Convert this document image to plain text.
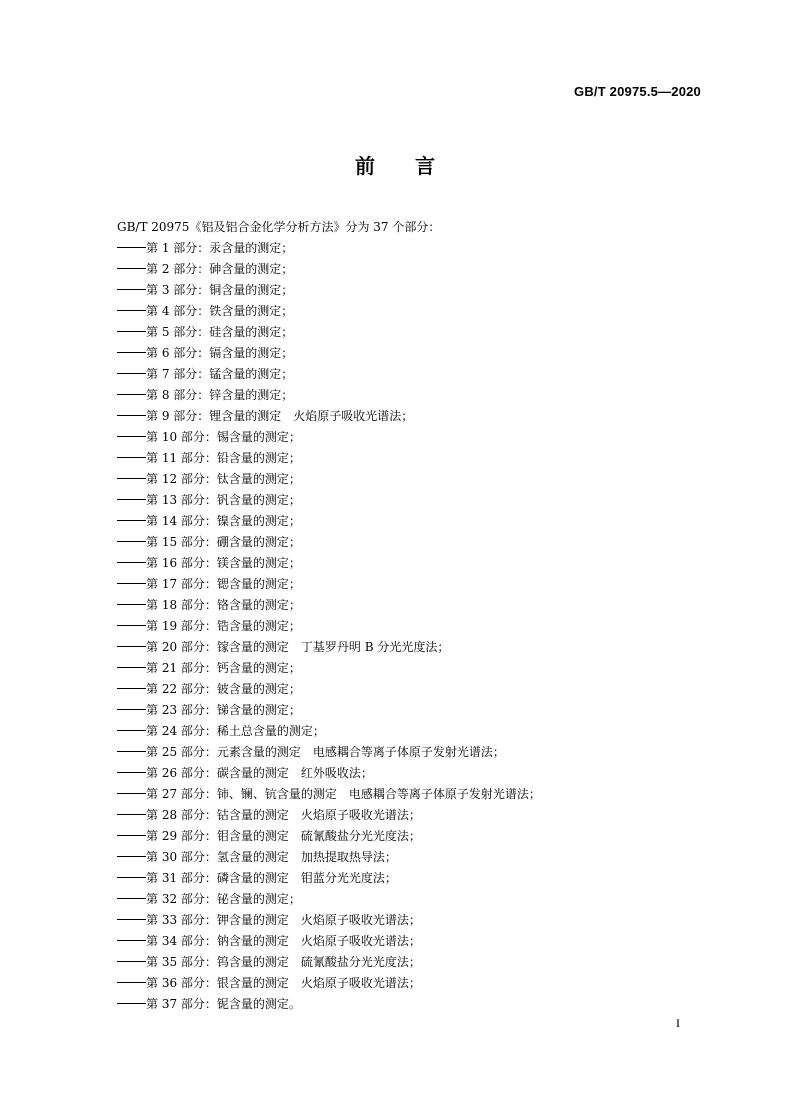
GB/T 20975.5—2020
前 言
GB/T 20975《铝及铝合金化学分析方法》分为 37 个部分：
第 1 部分：汞含量的测定；
第 2 部分：砷含量的测定；
第 3 部分：铜含量的测定；
第 4 部分：铁含量的测定；
第 5 部分：硅含量的测定；
第 6 部分：镉含量的测定；
第 7 部分：锰含量的测定；
第 8 部分：锌含量的测定；
第 9 部分：锂含量的测定　火焰原子吸收光谱法；
第 10 部分：锡含量的测定；
第 11 部分：铅含量的测定；
第 12 部分：钛含量的测定；
第 13 部分：钒含量的测定；
第 14 部分：镍含量的测定；
第 15 部分：硼含量的测定；
第 16 部分：镁含量的测定；
第 17 部分：锶含量的测定；
第 18 部分：铬含量的测定；
第 19 部分：锆含量的测定；
第 20 部分：镓含量的测定　丁基罗丹明 B 分光光度法；
第 21 部分：钙含量的测定；
第 22 部分：铍含量的测定；
第 23 部分：锑含量的测定；
第 24 部分：稀土总含量的测定；
第 25 部分：元素含量的测定　电感耦合等离子体原子发射光谱法；
第 26 部分：碳含量的测定　红外吸收法；
第 27 部分：铈、镧、钪含量的测定　电感耦合等离子体原子发射光谱法；
第 28 部分：钴含量的测定　火焰原子吸收光谱法；
第 29 部分：钼含量的测定　硫氰酸盐分光光度法；
第 30 部分：氢含量的测定　加热提取热导法；
第 31 部分：磷含量的测定　钼蓝分光光度法；
第 32 部分：铋含量的测定；
第 33 部分：钾含量的测定　火焰原子吸收光谱法；
第 34 部分：钠含量的测定　火焰原子吸收光谱法；
第 35 部分：钨含量的测定　硫氰酸盐分光光度法；
第 36 部分：银含量的测定　火焰原子吸收光谱法；
第 37 部分：铌含量的测定。
I
